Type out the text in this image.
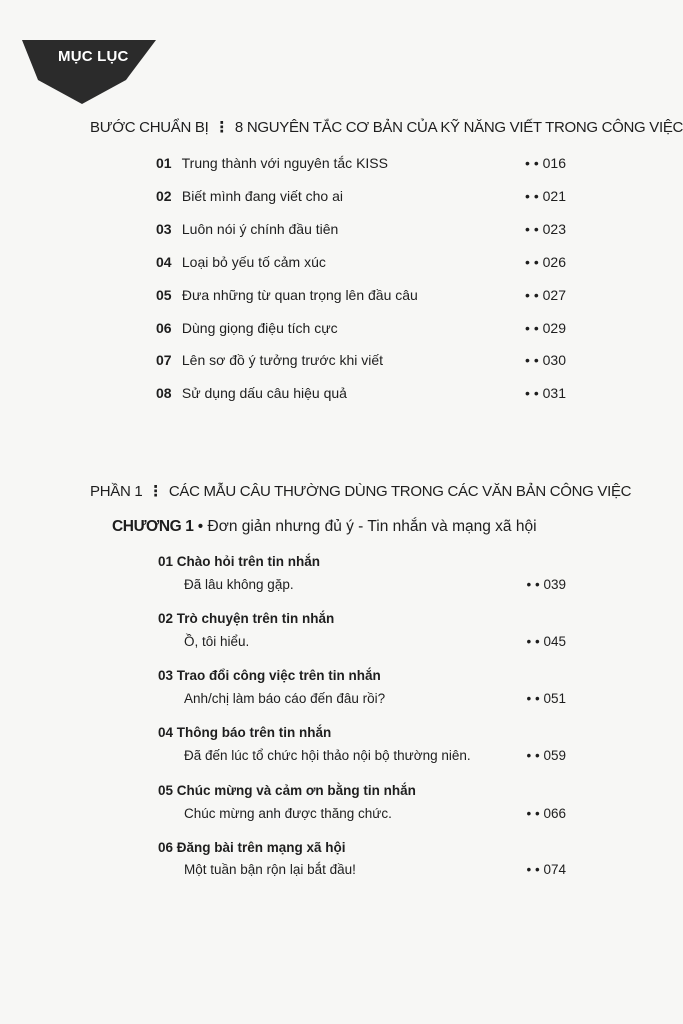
MỤC LỤC
BƯỚC CHUẨN BỊ ⋮ 8 NGUYÊN TẮC CƠ BẢN CỦA KỸ NĂNG VIẾT TRONG CÔNG VIỆC
01 Trung thành với nguyên tắc KISS	• • 016
02 Biết mình đang viết cho ai	• • 021
03 Luôn nói ý chính đầu tiên	• • 023
04 Loại bỏ yếu tố cảm xúc	• • 026
05 Đưa những từ quan trọng lên đầu câu	• • 027
06 Dùng giọng điệu tích cực	• • 029
07 Lên sơ đồ ý tưởng trước khi viết	• • 030
08 Sử dụng dấu câu hiệu quả	• • 031
PHẦN 1 ⋮ CÁC MẪU CÂU THƯỜNG DÙNG TRONG CÁC VĂN BẢN CÔNG VIỆC
CHƯƠNG 1 • Đơn giản nhưng đủ ý - Tin nhắn và mạng xã hội
01 Chào hỏi trên tin nhắn
Đã lâu không gặp.	• • 039
02 Trò chuyện trên tin nhắn
Ồ, tôi hiểu.	• • 045
03 Trao đổi công việc trên tin nhắn
Anh/chị làm báo cáo đến đâu rồi?	• • 051
04 Thông báo trên tin nhắn
Đã đến lúc tổ chức hội thảo nội bộ thường niên.	• • 059
05 Chúc mừng và cảm ơn bằng tin nhắn
Chúc mừng anh được thăng chức.	• • 066
06 Đăng bài trên mạng xã hội
Một tuần bận rộn lại bắt đầu!	• • 074
